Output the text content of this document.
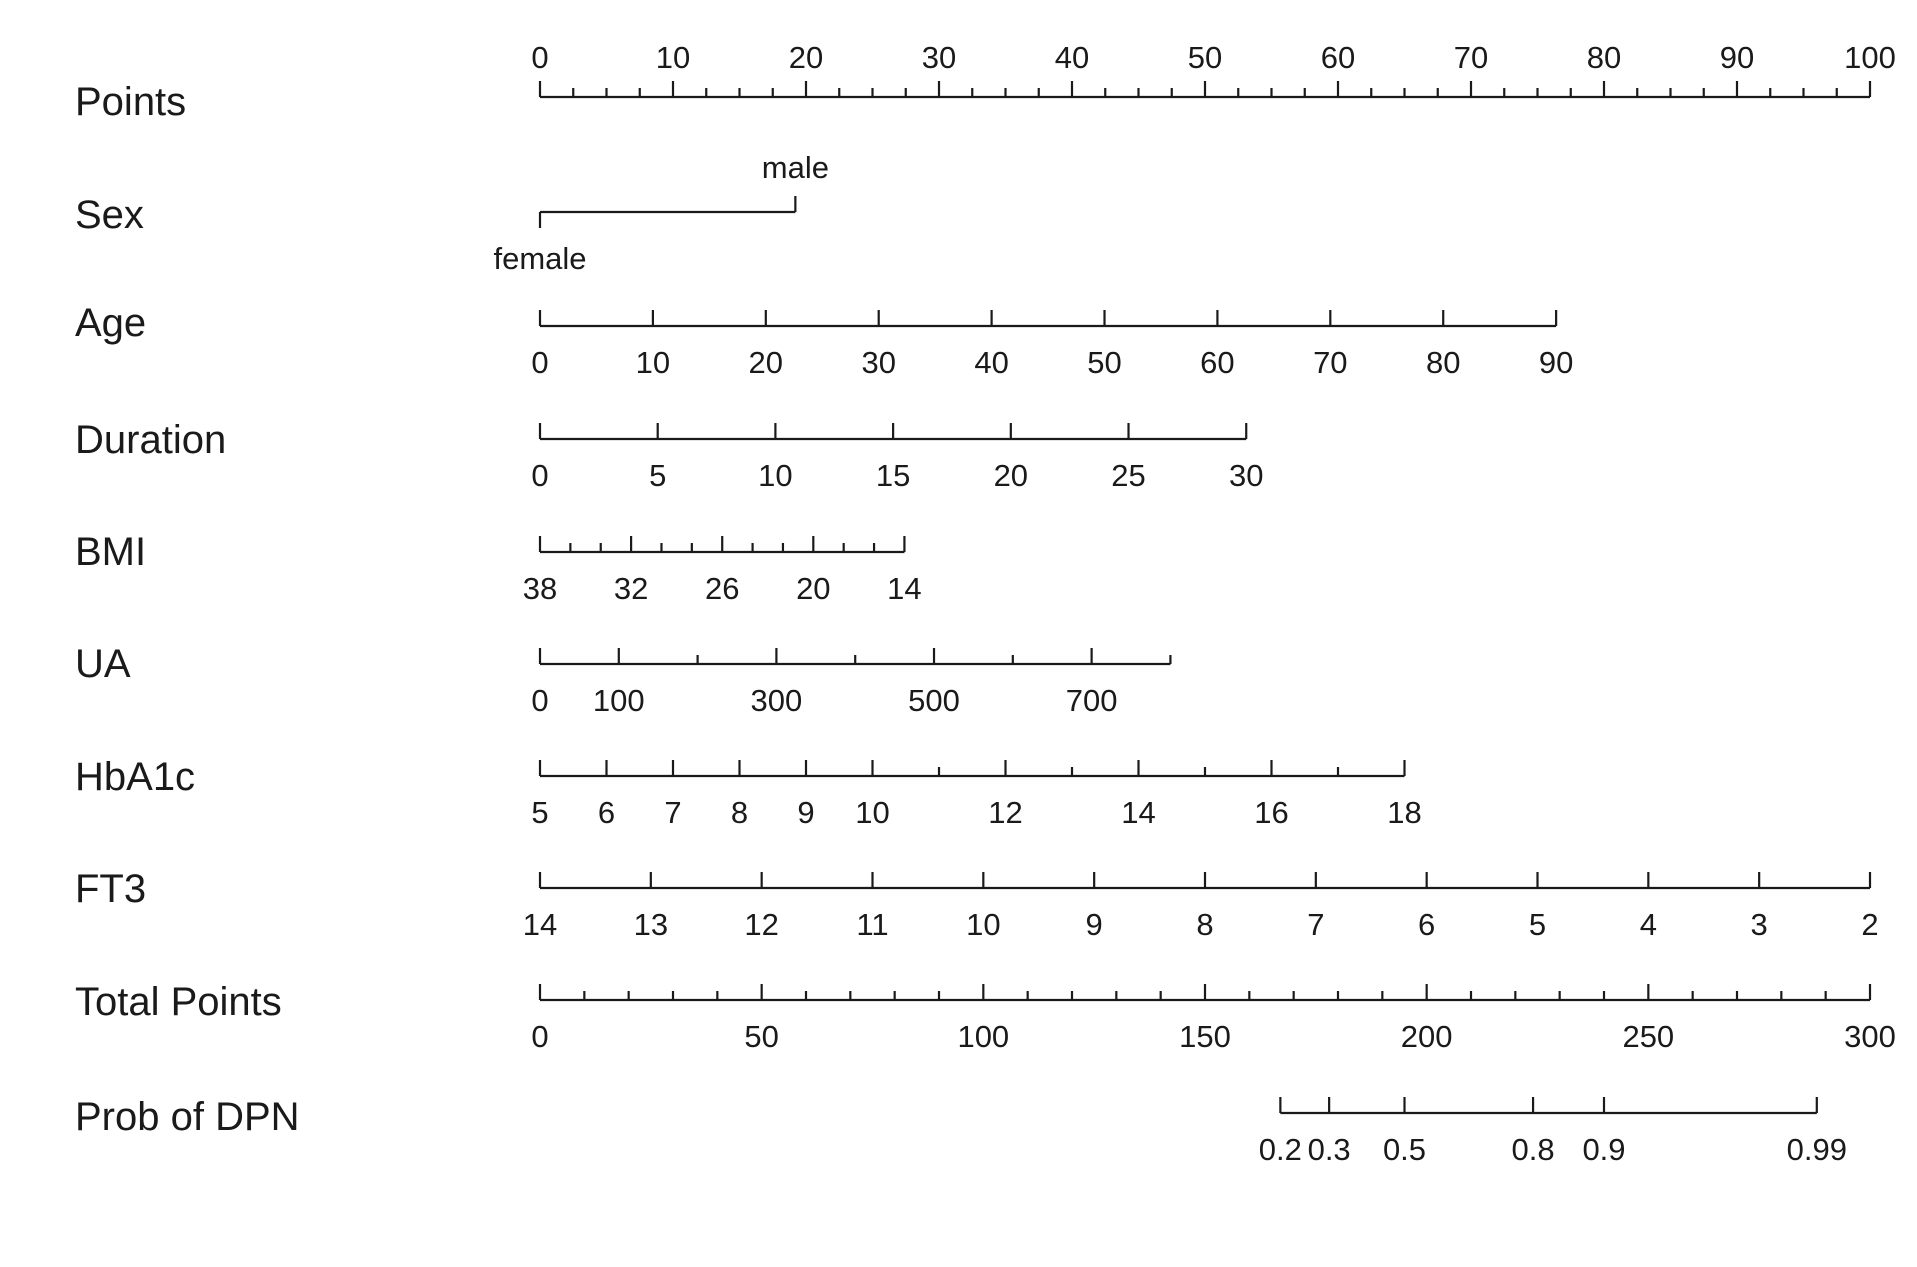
Points
0	10	20	30	40	50	60	70	80	90	100
Sex
female
male
Age
0	10	20	30	40	50	60	70	80	90
Duration
0	5	10	15	20	25	30
BMI
38 32 26 20 14
UA
0 100	300	500	700
HbA1c
5 6 7 8 9 10	12	14	16	18
FT3
14 13 12 11 10	9	8	7	6	5	4	3	2
Total Points
0	50	100	150	200	250	300
Prob of DPN
0.2 0.3 0.5	0.8 0.9	0.99
